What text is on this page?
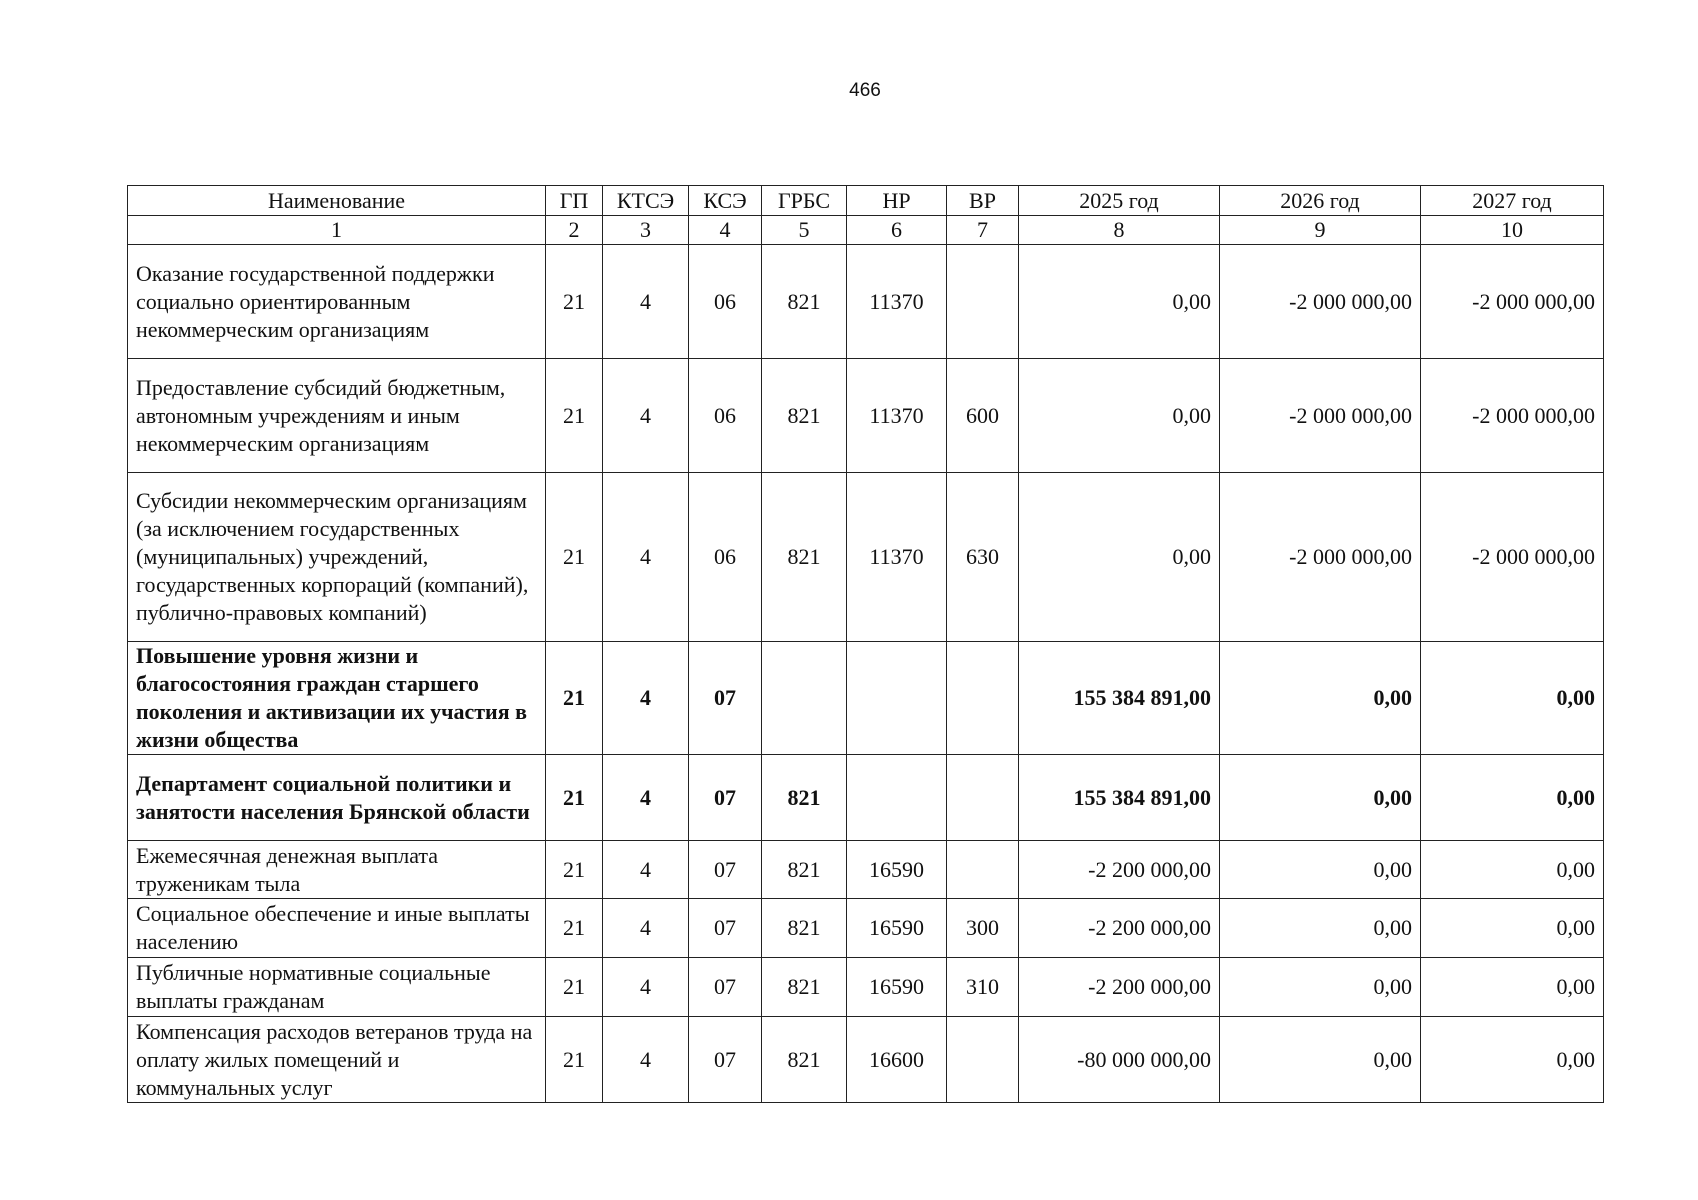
466
Наименование	ГП	КТСЭ	КСЭ	ГРБС	НР	ВР	2025 год	2026 год	2027 год
1	2	3	4	5	6	7	8	9	10
Оказание государственной поддержки социально ориентированным некоммерческим организациям	21	4	06	821	11370		0,00	-2 000 000,00	-2 000 000,00
Предоставление субсидий бюджетным, автономным учреждениям и иным некоммерческим организациям	21	4	06	821	11370	600	0,00	-2 000 000,00	-2 000 000,00
Субсидии некоммерческим организациям (за исключением государственных (муниципальных) учреждений, государственных корпораций (компаний), публично-правовых компаний)	21	4	06	821	11370	630	0,00	-2 000 000,00	-2 000 000,00
Повышение уровня жизни и благосостояния граждан старшего поколения и активизации их участия в жизни общества	21	4	07				155 384 891,00	0,00	0,00
Департамент социальной политики и занятости населения Брянской области	21	4	07	821			155 384 891,00	0,00	0,00
Ежемесячная денежная выплата труженикам тыла	21	4	07	821	16590		-2 200 000,00	0,00	0,00
Социальное обеспечение и иные выплаты населению	21	4	07	821	16590	300	-2 200 000,00	0,00	0,00
Публичные нормативные социальные выплаты гражданам	21	4	07	821	16590	310	-2 200 000,00	0,00	0,00
Компенсация расходов ветеранов труда на оплату жилых помещений и коммунальных услуг	21	4	07	821	16600		-80 000 000,00	0,00	0,00
